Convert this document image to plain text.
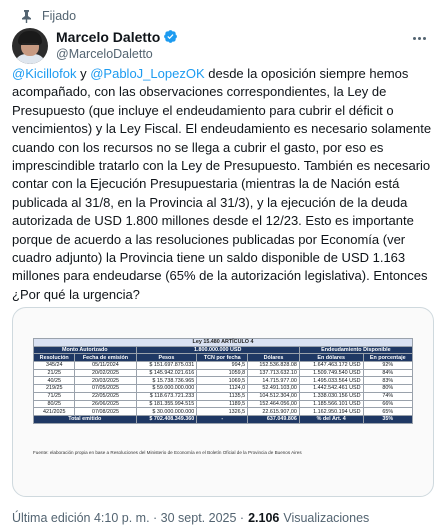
Fijado
Marcelo Daletto
@MarceloDaletto
@Kicillofok y @PabloJ_LopezOK desde la oposición siempre hemos acompañado, con las observaciones correspondientes, la Ley de Presupuesto (que incluye el endeudamiento para cubrir el déficit o vencimientos) y la Ley Fiscal. El endeudamiento es necesario solamente cuando con los recursos no se llega a cubrir el gasto, por eso es imprescindible tratarlo con la Ley de Presupuesto. También es necesario contar con la Ejecución Presupuestaria (mientras la de Nación está publicada al 31/8, en la Provincia al 31/3), y la ejecución de la deuda autorizada de USD 1.800 millones desde el 12/23. Esto es importante porque de acuerdo a las resoluciones publicadas por Economía (ver cuadro adjunto) la Provincia tiene un saldo disponible de USD 1.163 millones para endeudarse (65% de la autorización legislativa). Entonces ¿Por qué la urgencia?
Ley 15.480 ARTÍCULO 4						
Monto Autorizado		1.800.000.000 USD			Endeudamiento Disponible	
Resolución	Fecha de emisión	Pesos	TCN por fecha	Dólares	En dólares	En porcentaje
345/24	05/11/2024	$ 151.697.875.031	994,5	152.536.828.08	1.647.463.172 USD	92%
21/25	20/02/2025	$ 145.942.021.616	1059,8	137.713.632.10	1.509.749.540 USD	84%
40/25	20/03/2025	$ 15.738.736.965	1069,5	14.715.977.00	1.495.033.564 USD	83%
219/25	07/05/2025	$ 59.000.000.000	1124,0	52.491.103,00	1.442.542.461 USD	80%
71/25	22/05/2025	$ 118.673.721.233	1135,5	104.512.304,00	1.338.030.156 USD	74%
80/25	26/06/2025	$ 181.355.994.515	1189,5	152.464.056,00	1.185.566.101 USD	66%
421/2025	07/08/2025	$ 30.000.000.000	1326,5	22.615.907,00	1.162.950.194 USD	65%
Total emitido		$ 702.408.349.360	-	637.049.806	% del Art. 4	35%
Fuente: elaboración propia en base a Resoluciones del Ministerio de Economía en el Boletín Oficial de la Provincia de Buenos Aires
Última edición 4:10 p. m. · 30 sept. 2025 · 2.106 Visualizaciones
